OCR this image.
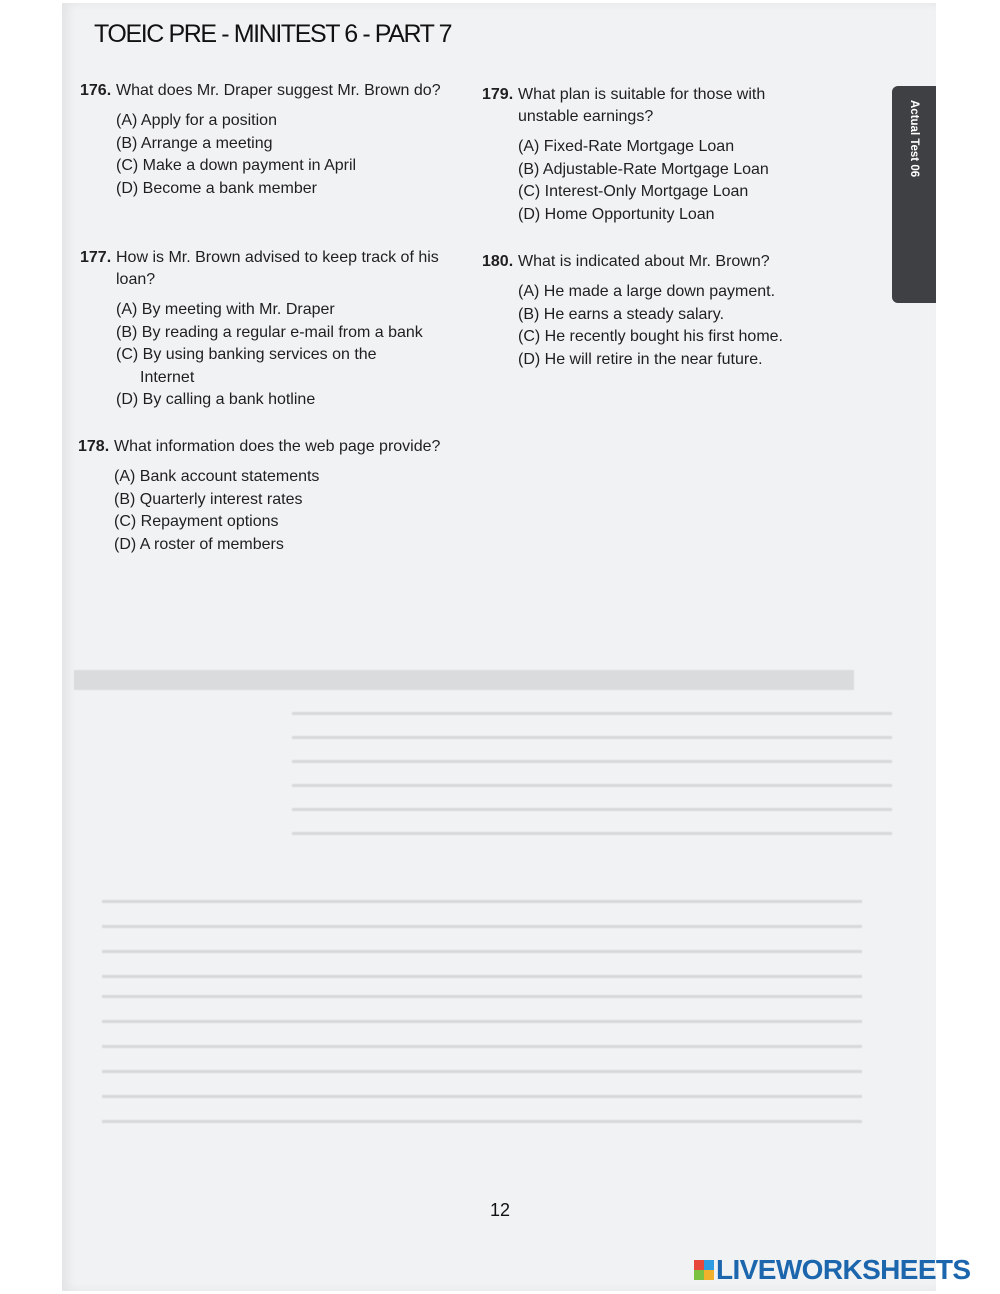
TOEIC PRE - MINITEST 6 - PART 7
Actual Test 06
176. What does Mr. Draper suggest Mr. Brown do?
(A) Apply for a position
(B) Arrange a meeting
(C) Make a down payment in April
(D) Become a bank member
177. How is Mr. Brown advised to keep track of his loan?
(A) By meeting with Mr. Draper
(B) By reading a regular e-mail from a bank
(C) By using banking services on the Internet
(D) By calling a bank hotline
178. What information does the web page provide?
(A) Bank account statements
(B) Quarterly interest rates
(C) Repayment options
(D) A roster of members
179. What plan is suitable for those with unstable earnings?
(A) Fixed-Rate Mortgage Loan
(B) Adjustable-Rate Mortgage Loan
(C) Interest-Only Mortgage Loan
(D) Home Opportunity Loan
180. What is indicated about Mr. Brown?
(A) He made a large down payment.
(B) He earns a steady salary.
(C) He recently bought his first home.
(D) He will retire in the near future.
12
LIVEWORKSHEETS
